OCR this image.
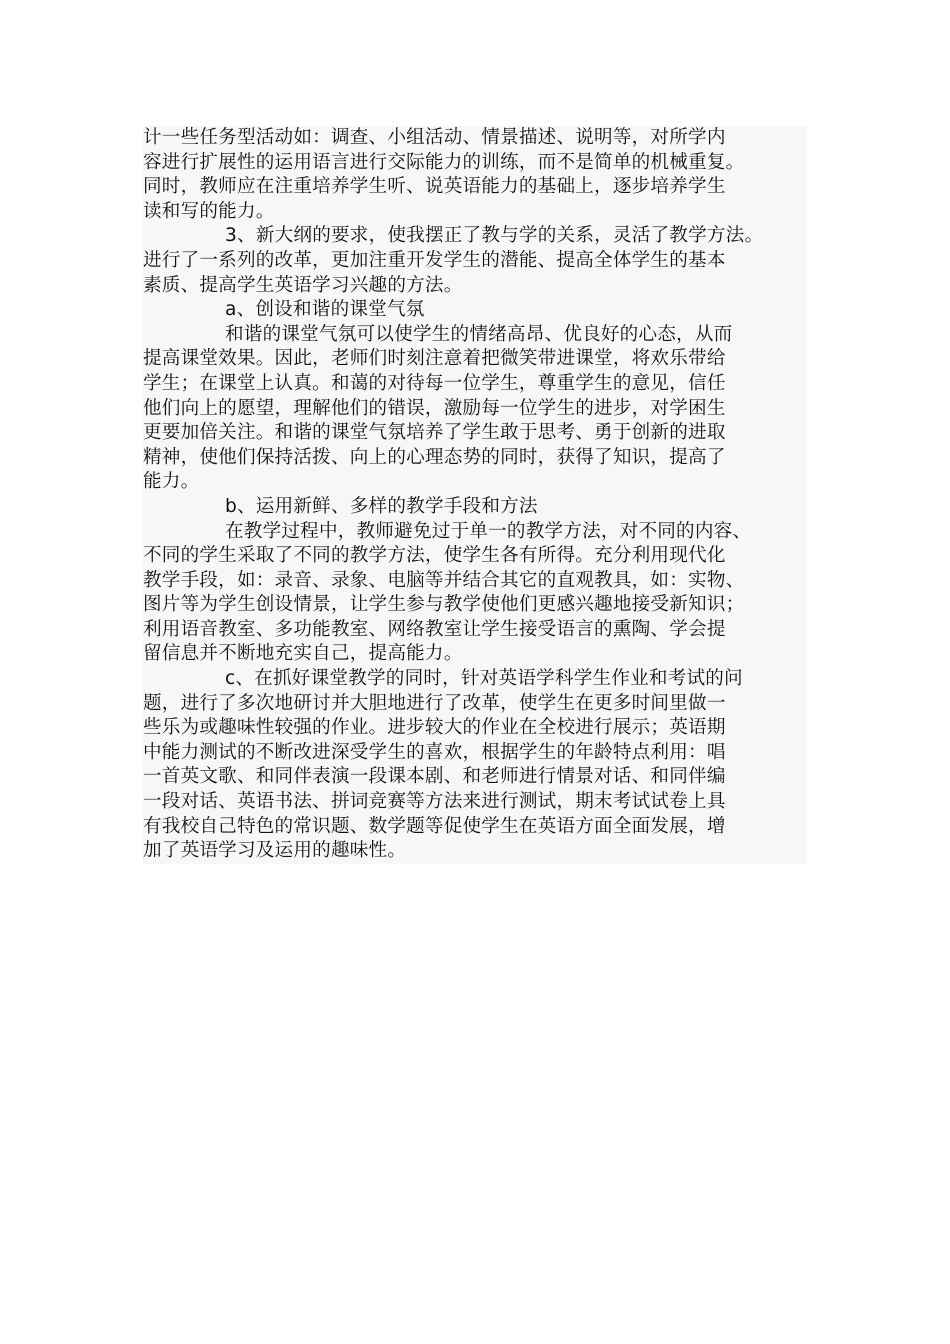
计一些任务型活动如：调查、小组活动、情景描述、说明等，对所学内
容进行扩展性的运用语言进行交际能力的训练，而不是简单的机械重复。
同时，教师应在注重培养学生听、说英语能力的基础上，逐步培养学生
读和写的能力。
3、新大纲的要求，使我摆正了教与学的关系，灵活了教学方法。
进行了一系列的改革，更加注重开发学生的潜能、提高全体学生的基本
素质、提高学生英语学习兴趣的方法。
a、创设和谐的课堂气氛
和谐的课堂气氛可以使学生的情绪高昂、优良好的心态，从而
提高课堂效果。因此，老师们时刻注意着把微笑带进课堂，将欢乐带给
学生；在课堂上认真。和蔼的对待每一位学生，尊重学生的意见，信任
他们向上的愿望，理解他们的错误，激励每一位学生的进步，对学困生
更要加倍关注。和谐的课堂气氛培养了学生敢于思考、勇于创新的进取
精神，使他们保持活拨、向上的心理态势的同时，获得了知识，提高了
能力。
b、运用新鲜、多样的教学手段和方法
在教学过程中，教师避免过于单一的教学方法，对不同的内容、
不同的学生采取了不同的教学方法，使学生各有所得。充分利用现代化
教学手段，如：录音、录象、电脑等并结合其它的直观教具，如：实物、
图片等为学生创设情景，让学生参与教学使他们更感兴趣地接受新知识；
利用语音教室、多功能教室、网络教室让学生接受语言的熏陶、学会提
留信息并不断地充实自己，提高能力。
c、在抓好课堂教学的同时，针对英语学科学生作业和考试的问
题，进行了多次地研讨并大胆地进行了改革，使学生在更多时间里做一
些乐为或趣味性较强的作业。进步较大的作业在全校进行展示；英语期
中能力测试的不断改进深受学生的喜欢，根据学生的年龄特点利用：唱
一首英文歌、和同伴表演一段课本剧、和老师进行情景对话、和同伴编
一段对话、英语书法、拼词竞赛等方法来进行测试，期末考试试卷上具
有我校自己特色的常识题、数学题等促使学生在英语方面全面发展，增
加了英语学习及运用的趣味性。
